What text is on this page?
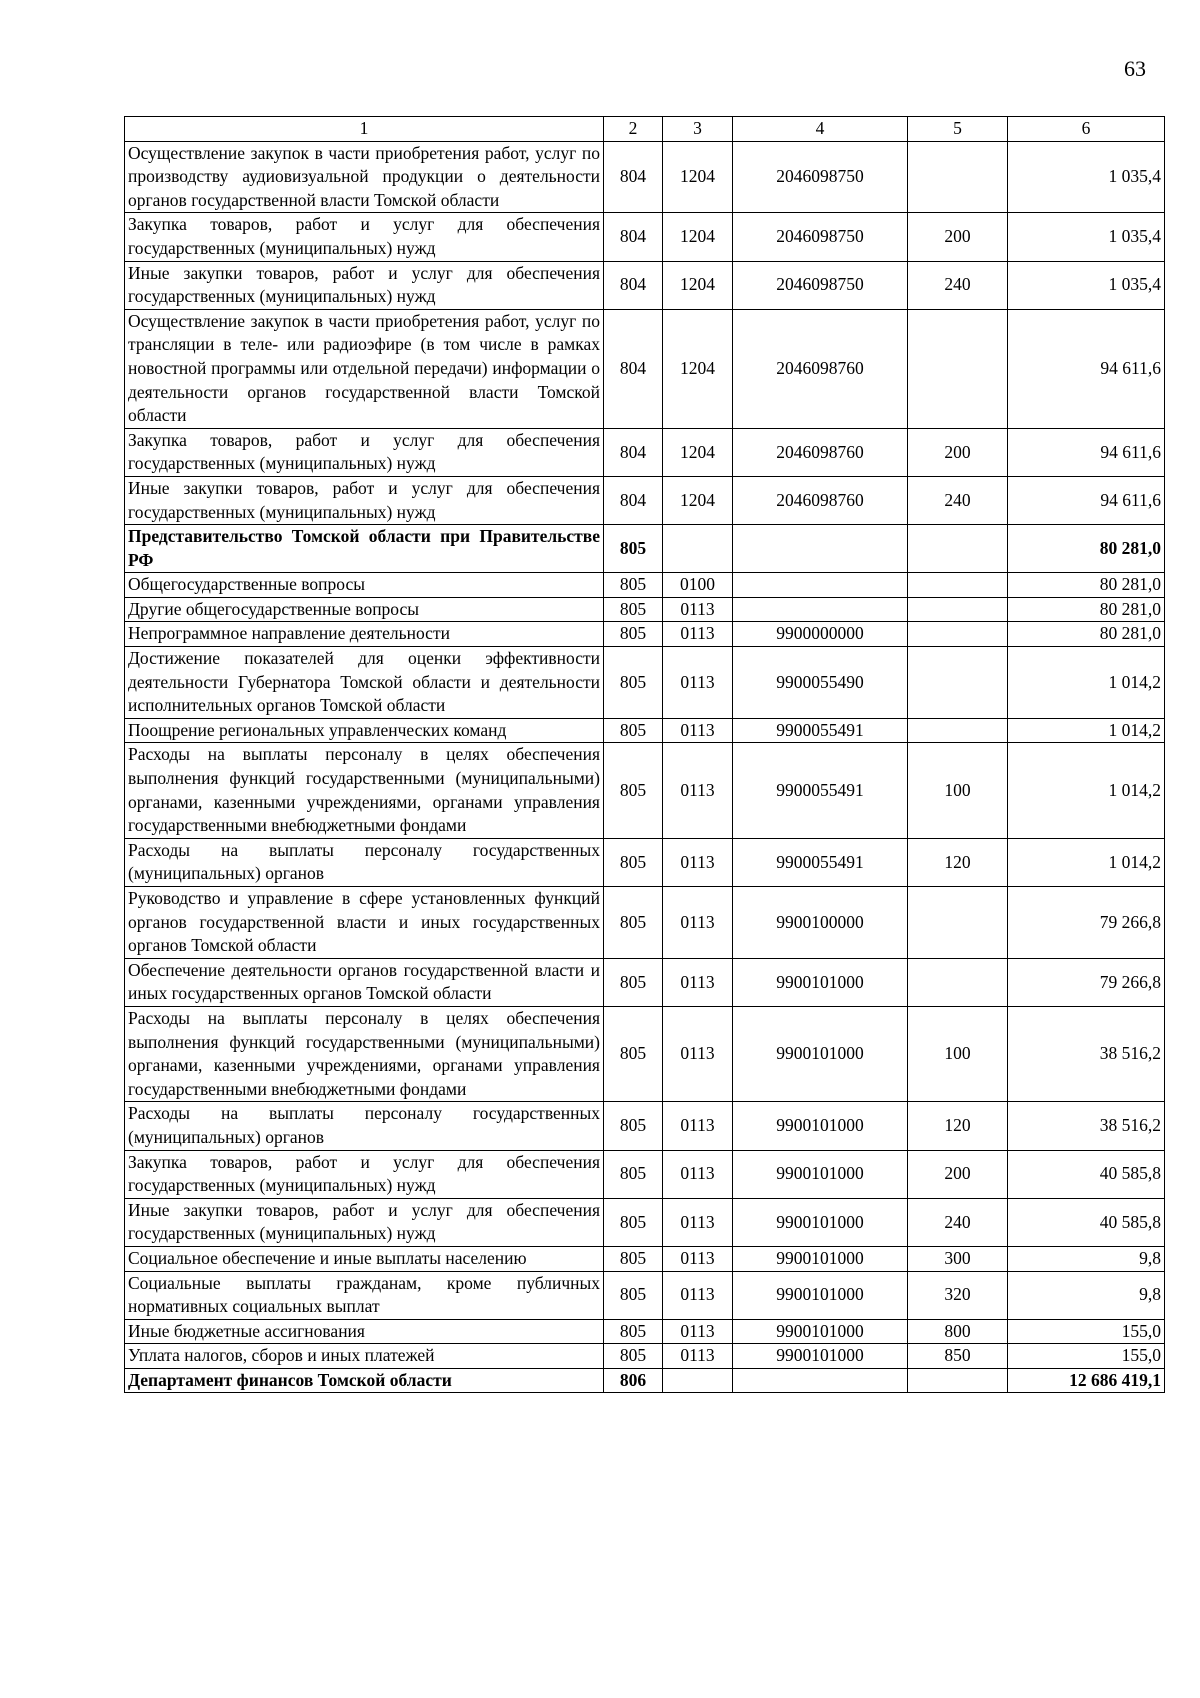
63
1	2	3	4	5	6
Осуществление закупок в части приобретения работ, услуг по производству аудиовизуальной продукции о деятельности органов государственной власти Томской области	804	1204	2046098750		1 035,4
Закупка товаров, работ и услуг для обеспечения государственных (муниципальных) нужд	804	1204	2046098750	200	1 035,4
Иные закупки товаров, работ и услуг для обеспечения государственных (муниципальных) нужд	804	1204	2046098750	240	1 035,4
Осуществление закупок в части приобретения работ, услуг по трансляции в теле- или радиоэфире (в том числе в рамках новостной программы или отдельной передачи) информации о деятельности органов государственной власти Томской области	804	1204	2046098760		94 611,6
Закупка товаров, работ и услуг для обеспечения государственных (муниципальных) нужд	804	1204	2046098760	200	94 611,6
Иные закупки товаров, работ и услуг для обеспечения государственных (муниципальных) нужд	804	1204	2046098760	240	94 611,6
Представительство Томской области при Правительстве РФ	805				80 281,0
Общегосударственные вопросы	805	0100			80 281,0
Другие общегосударственные вопросы	805	0113			80 281,0
Непрограммное направление деятельности	805	0113	9900000000		80 281,0
Достижение показателей для оценки эффективности деятельности Губернатора Томской области и деятельности исполнительных органов Томской области	805	0113	9900055490		1 014,2
Поощрение региональных управленческих команд	805	0113	9900055491		1 014,2
Расходы на выплаты персоналу в целях обеспечения выполнения функций государственными (муниципальными) органами, казенными учреждениями, органами управления государственными внебюджетными фондами	805	0113	9900055491	100	1 014,2
Расходы на выплаты персоналу государственных (муниципальных) органов	805	0113	9900055491	120	1 014,2
Руководство и управление в сфере установленных функций органов государственной власти и иных государственных органов Томской области	805	0113	9900100000		79 266,8
Обеспечение деятельности органов государственной власти и иных государственных органов Томской области	805	0113	9900101000		79 266,8
Расходы на выплаты персоналу в целях обеспечения выполнения функций государственными (муниципальными) органами, казенными учреждениями, органами управления государственными внебюджетными фондами	805	0113	9900101000	100	38 516,2
Расходы на выплаты персоналу государственных (муниципальных) органов	805	0113	9900101000	120	38 516,2
Закупка товаров, работ и услуг для обеспечения государственных (муниципальных) нужд	805	0113	9900101000	200	40 585,8
Иные закупки товаров, работ и услуг для обеспечения государственных (муниципальных) нужд	805	0113	9900101000	240	40 585,8
Социальное обеспечение и иные выплаты населению	805	0113	9900101000	300	9,8
Социальные выплаты гражданам, кроме публичных нормативных социальных выплат	805	0113	9900101000	320	9,8
Иные бюджетные ассигнования	805	0113	9900101000	800	155,0
Уплата налогов, сборов и иных платежей	805	0113	9900101000	850	155,0
Департамент финансов Томской области	806				12 686 419,1
